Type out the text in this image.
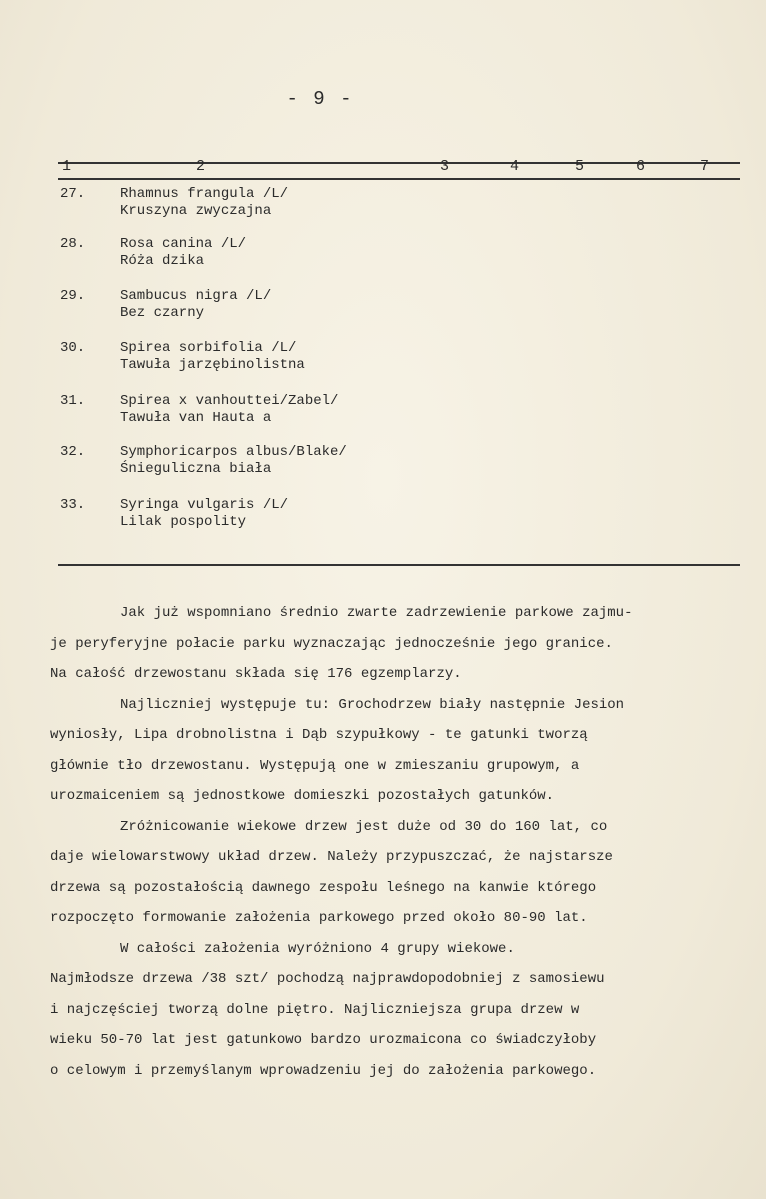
- 9 -
1	2	3	4	5	6	7
27.	Rhamnus frangula /L/
Kruszyna zwyczajna
28.	Rosa canina /L/
Róża dzika
29.	Sambucus nigra /L/
Bez czarny
30.	Spirea sorbifolia /L/
Tawuła jarzębinolistna
31.	Spirea x vanhouttei/Zabel/
Tawuła van Hauta a
32.	Symphoricarpos albus/Blake/
Śnieguliczna biała
33.	Syringa vulgaris /L/
Lilak pospolity

Jak już wspomniano średnio zwarte zadrzewienie parkowe zajmu-

je peryferyjne połacie parku wyznaczając jednocześnie jego granice.

Na całość drzewostanu składa się 176 egzemplarzy.

Najliczniej występuje tu: Grochodrzew biały następnie Jesion

wyniosły, Lipa drobnolistna i Dąb szypułkowy - te gatunki tworzą

głównie tło drzewostanu. Występują one w zmieszaniu grupowym, a

urozmaiceniem są jednostkowe domieszki pozostałych gatunków.

Zróżnicowanie wiekowe drzew jest duże od 30 do 160 lat, co

daje wielowarstwowy układ drzew. Należy przypuszczać, że najstarsze

drzewa są pozostałością dawnego zespołu leśnego na kanwie którego

rozpoczęto formowanie założenia parkowego przed około 80-90 lat.

W całości założenia wyróżniono 4 grupy wiekowe.

Najmłodsze drzewa /38 szt/ pochodzą najprawdopodobniej z samosiewu

i najczęściej tworzą dolne piętro. Najliczniejsza grupa drzew w

wieku 50-70 lat jest gatunkowo bardzo urozmaicona co świadczyłoby

o celowym i przemyślanym wprowadzeniu jej do założenia parkowego.
